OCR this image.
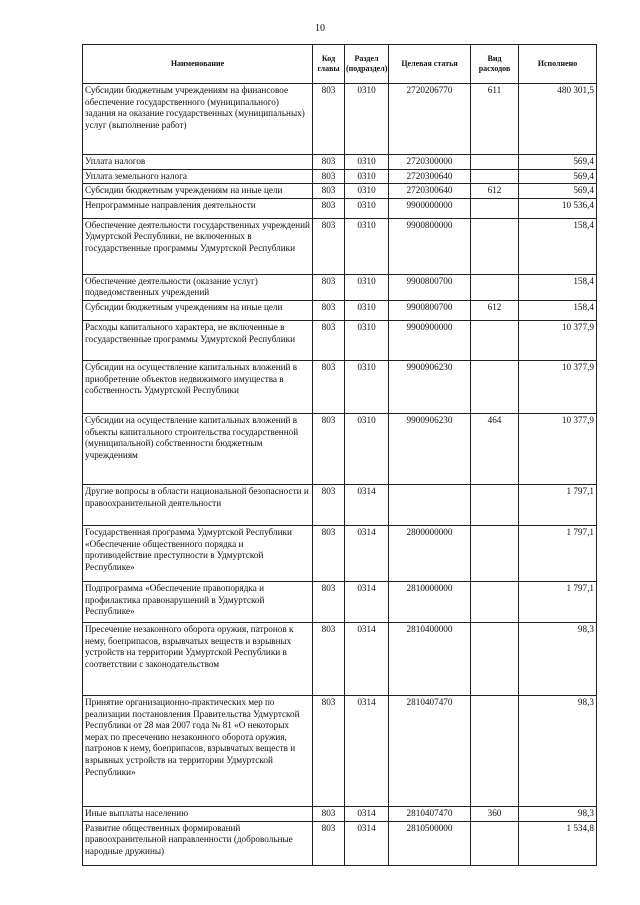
10
Наименование	Код главы	Раздел (подраздел)	Целевая статья	Вид расходов	Исполнено
Субсидии бюджетным учреждениям на финансовое обеспечение государственного (муниципального) задания на оказание государственных (муниципальных) услуг (выполнение работ)	803	0310	2720206770	611	480 301,5
Уплата налогов	803	0310	2720300000		569,4
Уплата земельного налога	803	0310	2720300640		569,4
Субсидии бюджетным учреждениям на иные цели	803	0310	2720300640	612	569,4
Непрограммные направления деятельности	803	0310	9900000000		10 536,4
Обеспечение деятельности государственных учреждений Удмуртской Республики, не включенных в государственные программы Удмуртской Республики	803	0310	9900800000		158,4
Обеспечение деятельности (оказание услуг) подведомственных учреждений	803	0310	9900800700		158,4
Субсидии бюджетным учреждениям на иные цели	803	0310	9900800700	612	158,4
Расходы капитального характера, не включенные в государственные программы Удмуртской Республики	803	0310	9900900000		10 377,9
Субсидии на осуществление капитальных вложений в приобретение объектов недвижимого имущества в собственность Удмуртской Республики	803	0310	9900906230		10 377,9
Субсидии на осуществление капитальных вложений в объекты капитального строительства государственной (муниципальной) собственности бюджетным учреждениям	803	0310	9900906230	464	10 377,9
Другие вопросы в области национальной безопасности и правоохранительной деятельности	803	0314			1 797,1
Государственная программа Удмуртской Республики «Обеспечение общественного порядка и противодействие преступности в Удмуртской Республике»	803	0314	2800000000		1 797,1
Подпрограмма «Обеспечение правопорядка и профилактика правонарушений в Удмуртской Республике»	803	0314	2810000000		1 797,1
Пресечение незаконного оборота оружия, патронов к нему, боеприпасов, взрывчатых веществ и взрывных устройств на территории Удмуртской Республики в соответствии с законодательством	803	0314	2810400000		98,3
Принятие организационно-практических мер по реализации постановления Правительства Удмуртской Республики от 28 мая 2007 года № 81 «О некоторых мерах по пресечению незаконного оборота оружия, патронов к нему, боеприпасов, взрывчатых веществ и взрывных устройств на территории Удмуртской Республики»	803	0314	2810407470		98,3
Иные выплаты населению	803	0314	2810407470	360	98,3
Развитие общественных формирований правоохранительной направленности (добровольные народные дружины)	803	0314	2810500000		1 534,8
